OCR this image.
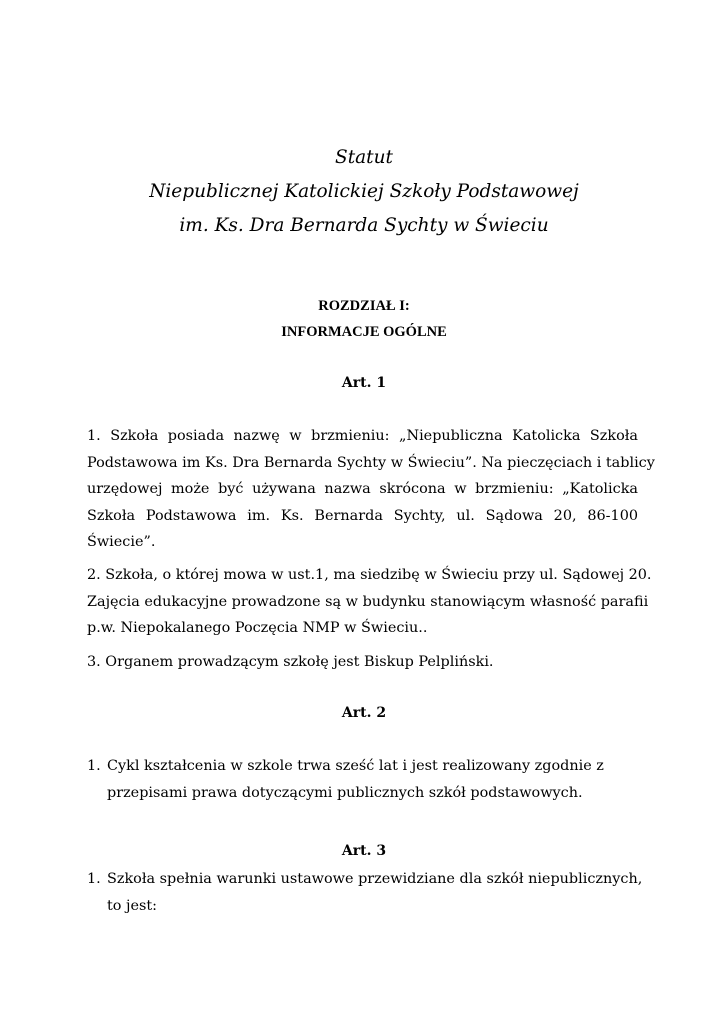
Statut
Niepublicznej Katolickiej Szkoły Podstawowej
im. Ks. Dra Bernarda Sychty w Świeciu
ROZDZIAŁ I:
INFORMACJE OGÓLNE
Art. 1
1. Szkoła posiada nazwę w brzmieniu: „Niepubliczna Katolicka Szkoła
Podstawowa im Ks. Dra Bernarda Sychty w Świeciu”. Na pieczęciach i tablicy
urzędowej może być używana nazwa skrócona w brzmieniu: „Katolicka
Szkoła Podstawowa im. Ks. Bernarda Sychty, ul. Sądowa 20, 86-100
Świecie”.
2. Szkoła, o której mowa w ust.1, ma siedzibę w Świeciu przy ul. Sądowej 20.
Zajęcia edukacyjne prowadzone są w budynku stanowiącym własność parafii
p.w. Niepokalanego Poczęcia NMP w Świeciu..
3. Organem prowadzącym szkołę jest Biskup Pelpliński.
Art. 2
1. Cykl kształcenia w szkole trwa sześć lat i jest realizowany zgodnie z
przepisami prawa dotyczącymi publicznych szkół podstawowych.
Art. 3
1. Szkoła spełnia warunki ustawowe przewidziane dla szkół niepublicznych,
to jest:
